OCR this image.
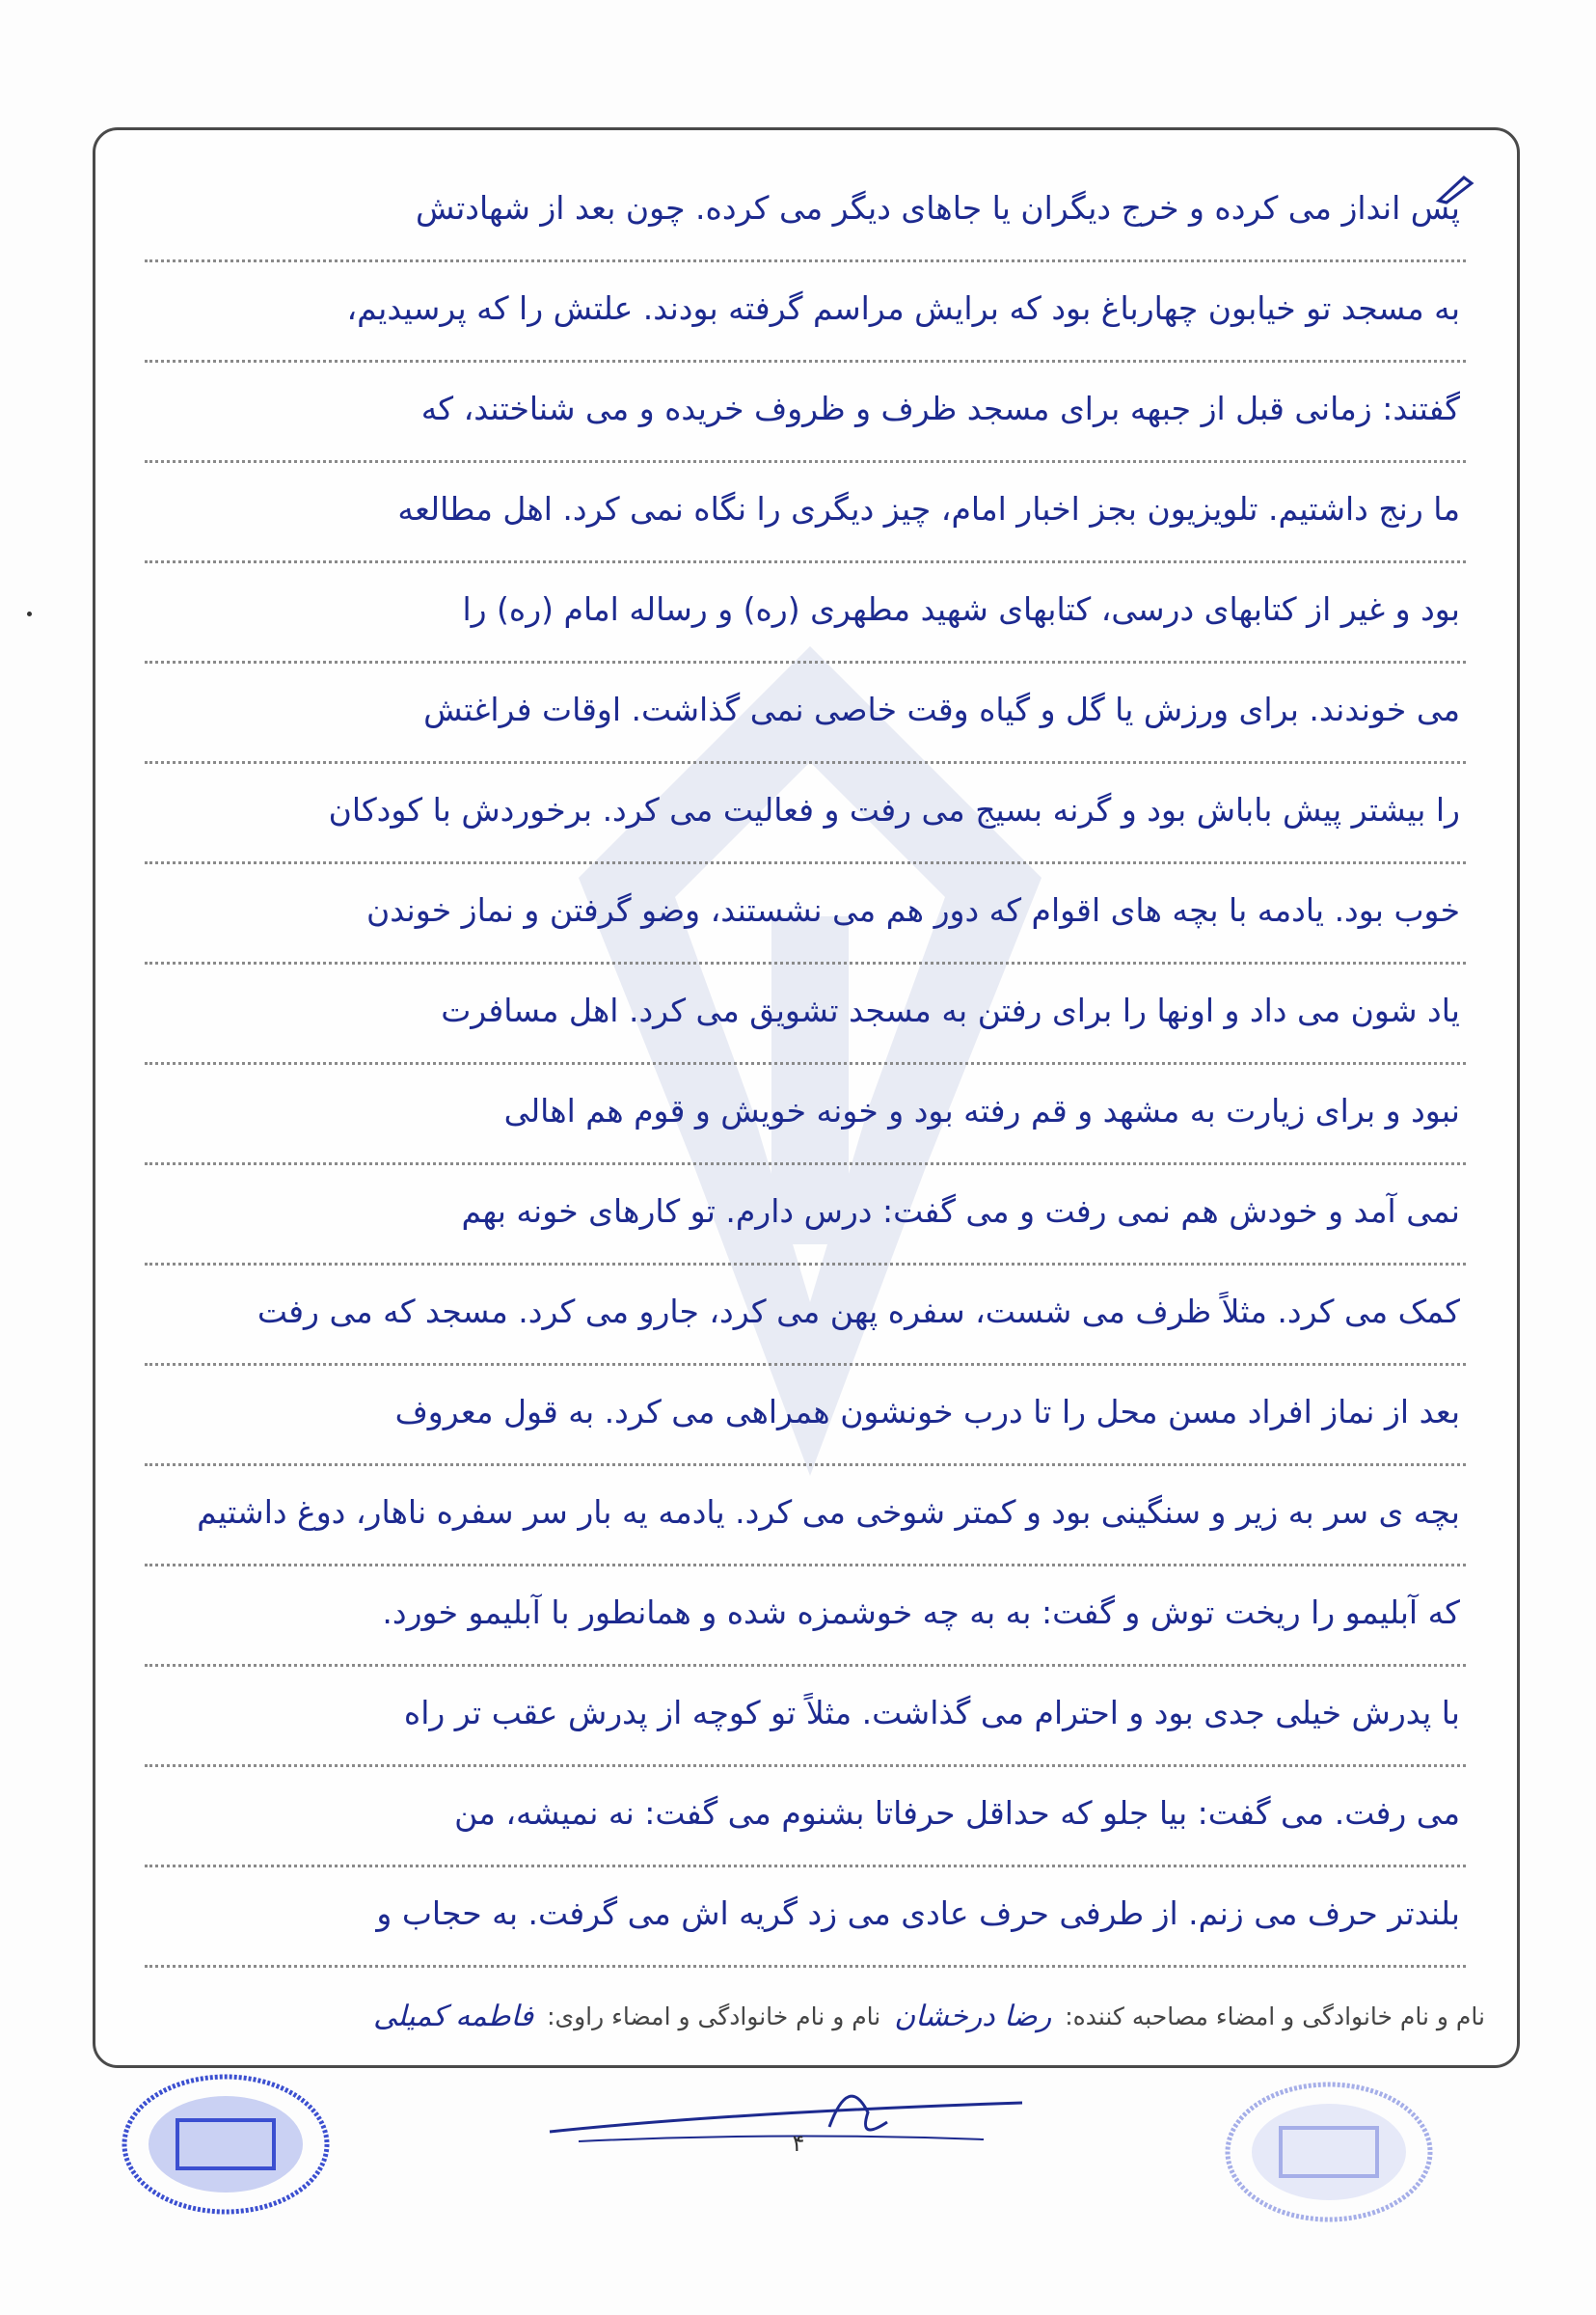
پس انداز می کرده و خرج دیگران یا جاهای دیگر می کرده. چون بعد از شهادتش
به مسجد تو خیابون چهارباغ بود که برایش مراسم گرفته بودند. علتش را که پرسیدیم،
گفتند: زمانی قبل از جبهه برای مسجد ظرف و ظروف خریده و می شناختند، که
ما رنج داشتیم. تلویزیون بجز اخبار امام، چیز دیگری را نگاه نمی کرد. اهل مطالعه
بود و غیر از کتابهای درسی، کتابهای شهید مطهری (ره) و رساله امام (ره) را
می خوندند. برای ورزش یا گل و گیاه وقت خاصی نمی گذاشت. اوقات فراغتش
را بیشتر پیش باباش بود و گرنه بسیج می رفت و فعالیت می کرد. برخوردش با کودکان
خوب بود. یادمه با بچه های اقوام که دور هم می نشستند، وضو گرفتن و نماز خوندن
یاد شون می داد و اونها را برای رفتن به مسجد تشویق می کرد. اهل مسافرت
نبود و برای زیارت به مشهد و قم رفته بود و خونه خویش و قوم هم اهالی
نمی آمد و خودش هم نمی رفت و می گفت: درس دارم. تو کارهای خونه بهم
کمک می کرد. مثلاً ظرف می شست، سفره پهن می کرد، جارو می کرد. مسجد که می رفت
بعد از نماز افراد مسن محل را تا درب خونشون همراهی می کرد. به قول معروف
بچه ی سر به زیر و سنگینی بود و کمتر شوخی می کرد. یادمه یه بار سر سفره ناهار، دوغ داشتیم
که آبلیمو را ریخت توش و گفت: به به چه خوشمزه شده و همانطور با آبلیمو خورد.
با پدرش خیلی جدی بود و احترام می گذاشت. مثلاً تو کوچه از پدرش عقب تر راه
می رفت. می گفت: بیا جلو که حداقل حرفاتا بشنوم می گفت: نه نمیشه، من
بلندتر حرف می زنم. از طرفی حرف عادی می زد گریه اش می گرفت. به حجاب و
نام و نام خانوادگی و امضاء مصاحبه کننده:
رضا درخشان
نام و نام خانوادگی و امضاء راوی:
فاطمه کمیلی
۴
